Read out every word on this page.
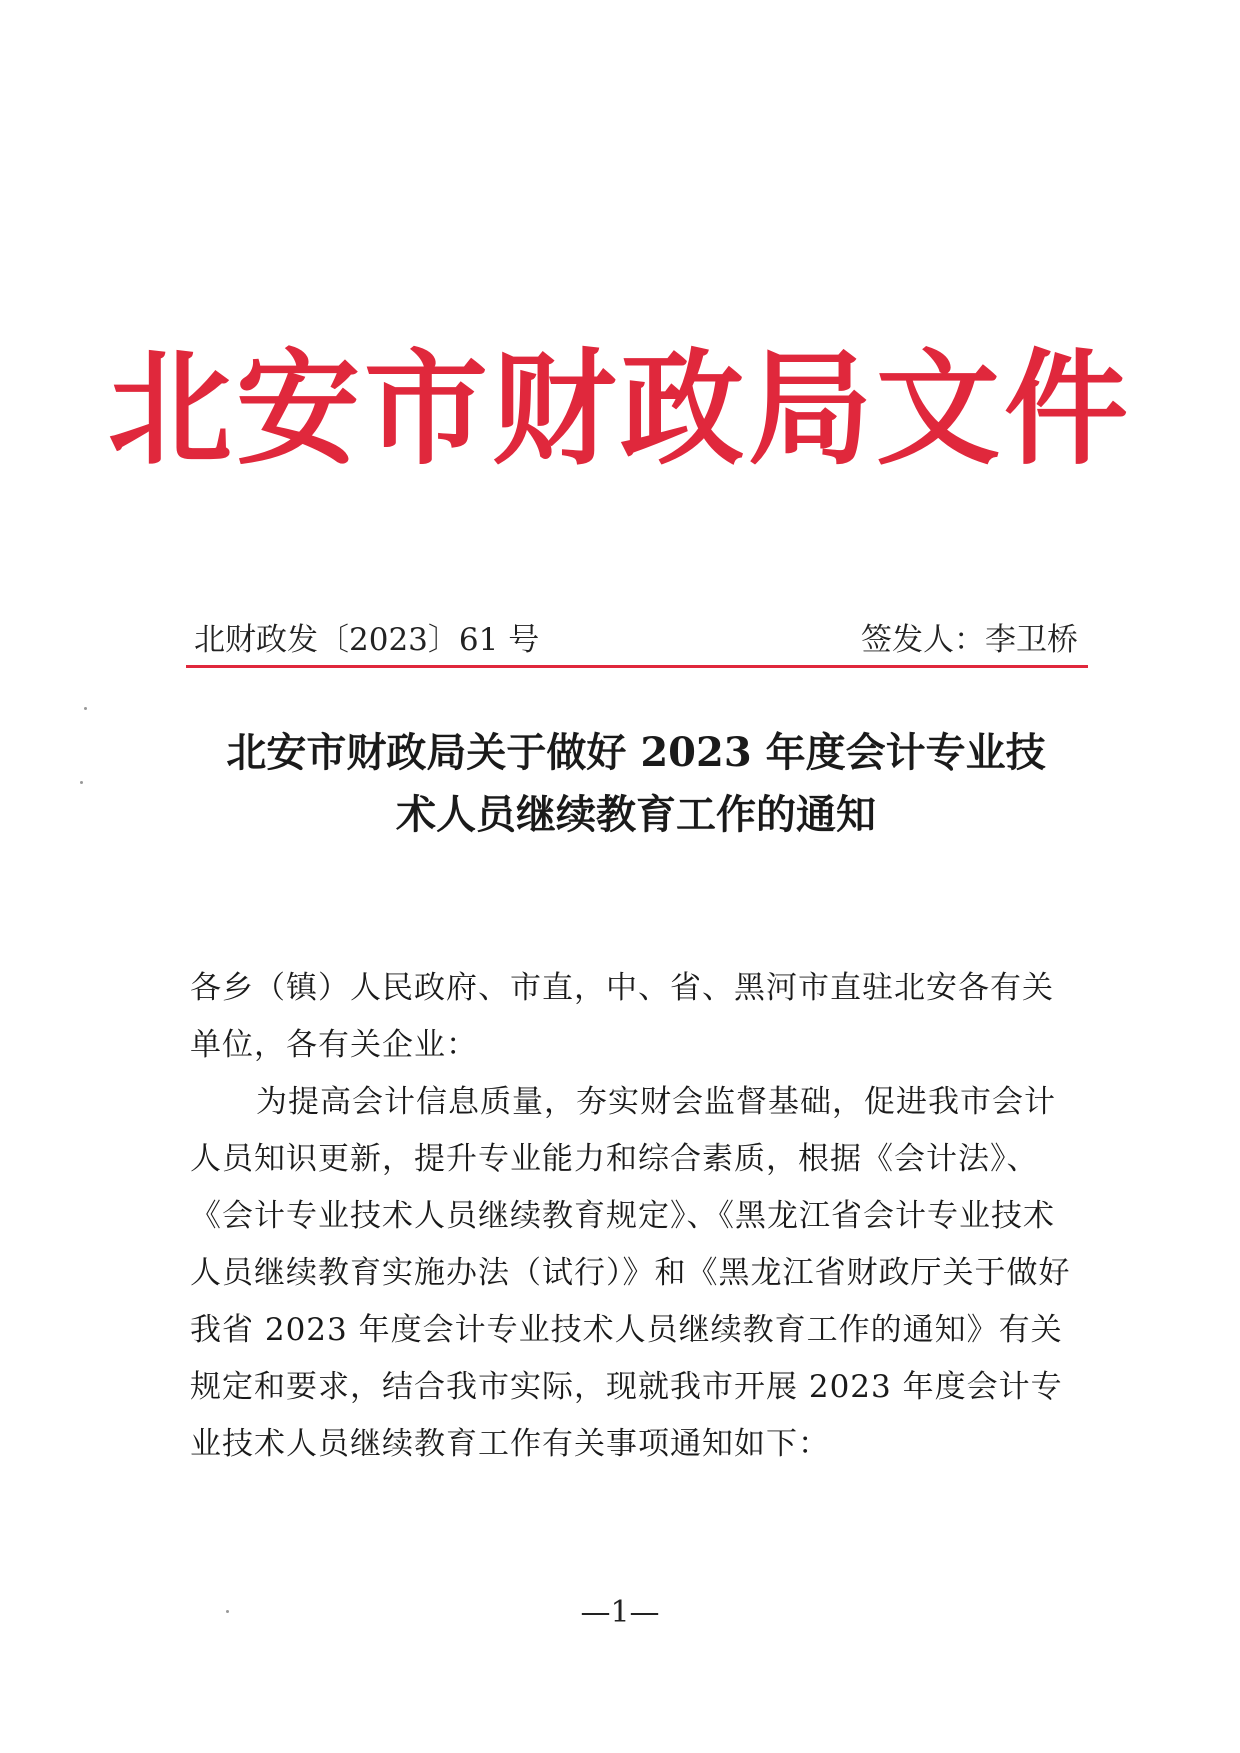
北安市财政局文件
北财政发〔2023〕61 号	签发人：李卫桥
北安市财政局关于做好 2023 年度会计专业技
术人员继续教育工作的通知

各乡（镇）人民政府、市直，中、省、黑河市直驻北安各有关单位，各有关企业：

为提高会计信息质量，夯实财会监督基础，促进我市会计人员知识更新，提升专业能力和综合素质，根据《会计法》、《会计专业技术人员继续教育规定》、《黑龙江省会计专业技术人员继续教育实施办法（试行）》和《黑龙江省财政厅关于做好我省 2023 年度会计专业技术人员继续教育工作的通知》有关规定和要求，结合我市实际，现就我市开展 2023 年度会计专业技术人员继续教育工作有关事项通知如下：

—1—
